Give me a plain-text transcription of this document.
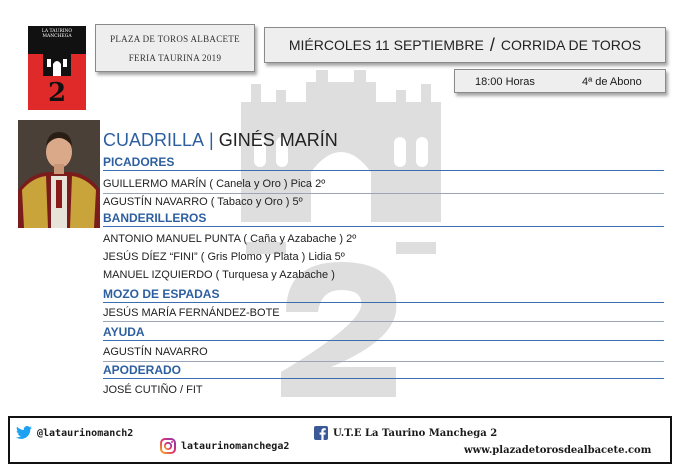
LA TAURINO MANCHEGA
2
PLAZA DE TOROS ALBACETE
FERIA TAURINA 2019
MIÉRCOLES 11 SEPTIEMBRE / CORRIDA DE TOROS
18:00 Horas	4ª de Abono
CUADRILLA | GINÉS MARÍN
PICADORES
GUILLERMO MARÍN ( Canela y Oro ) Pica 2º
AGUSTÍN NAVARRO ( Tabaco y Oro ) 5º
BANDERILLEROS
ANTONIO MANUEL PUNTA ( Caña y Azabache ) 2º
JESÚS DÍEZ “FINI” ( Gris Plomo y Plata ) Lidia 5º
MANUEL IZQUIERDO ( Turquesa y Azabache )
MOZO DE ESPADAS
JESÚS MARÍA FERNÁNDEZ-BOTE
AYUDA
AGUSTÍN NAVARRO
APODERADO
JOSÉ CUTIÑO / FIT
@lataurinomanch2
lataurinomanchega2
U.T.E La Taurino Manchega 2
www.plazadetorosdealbacete.com
